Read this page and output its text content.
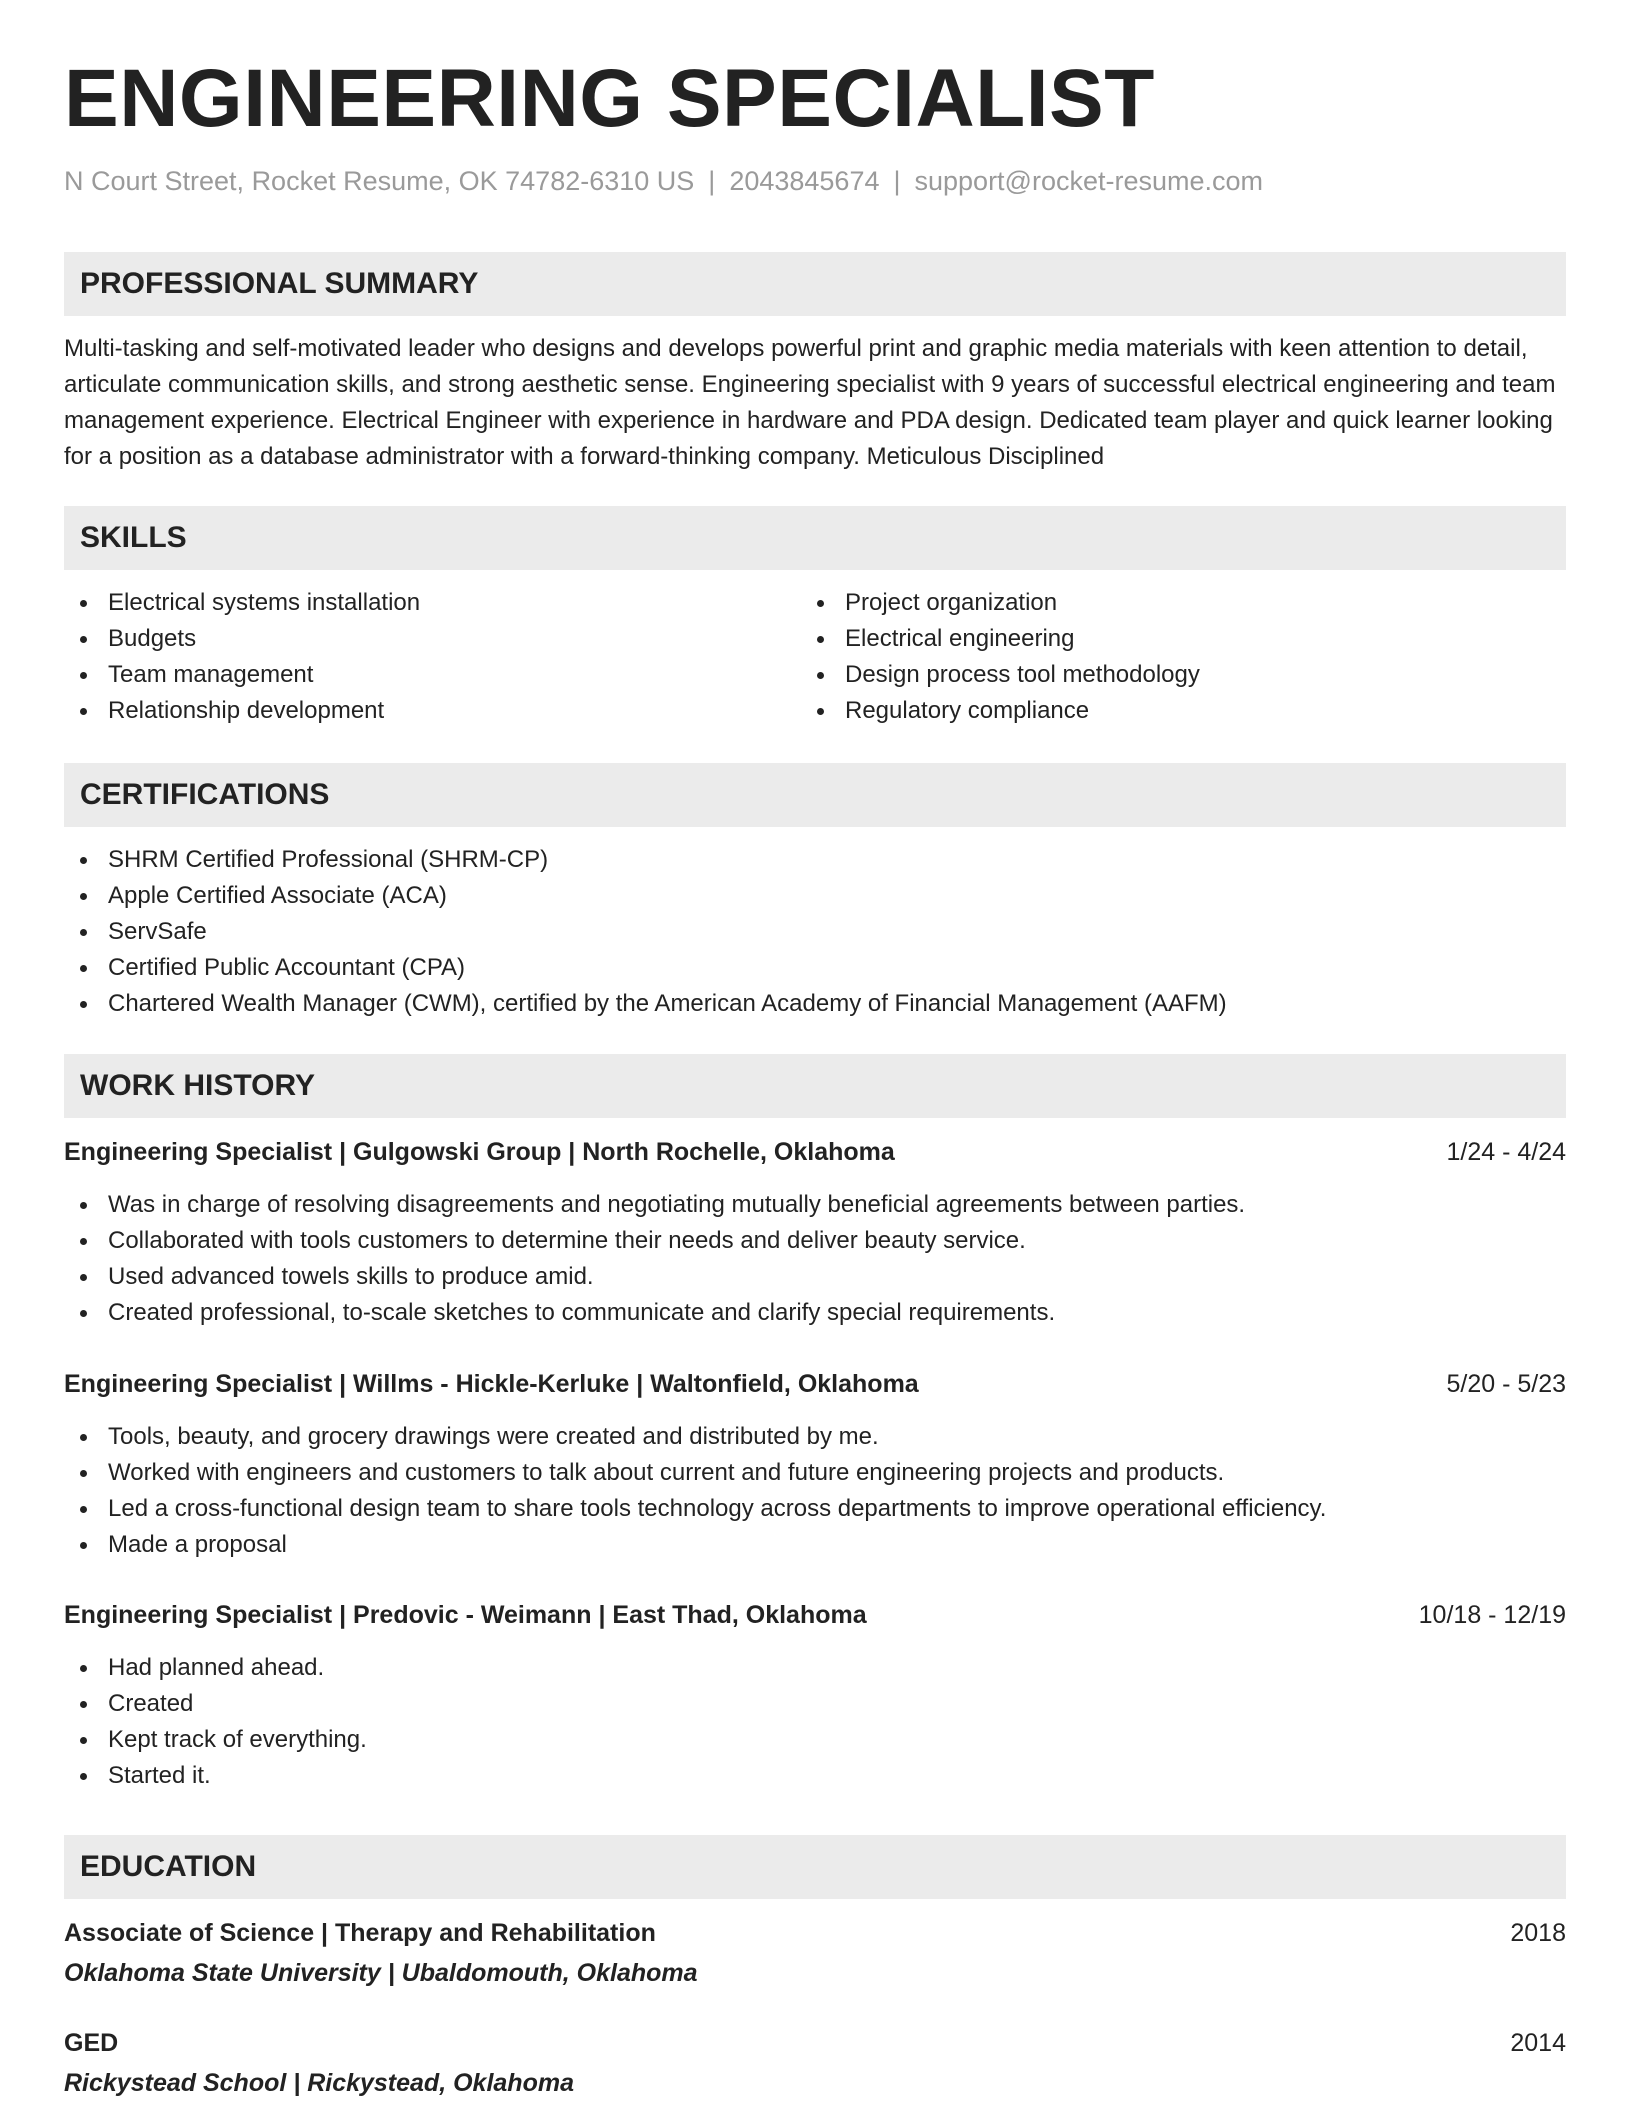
ENGINEERING SPECIALIST
N Court Street, Rocket Resume, OK 74782-6310 US | 2043845674 | support@rocket-resume.com
PROFESSIONAL SUMMARY
Multi-tasking and self-motivated leader who designs and develops powerful print and graphic media materials with keen attention to detail, articulate communication skills, and strong aesthetic sense. Engineering specialist with 9 years of successful electrical engineering and team management experience. Electrical Engineer with experience in hardware and PDA design. Dedicated team player and quick learner looking for a position as a database administrator with a forward-thinking company. Meticulous Disciplined
SKILLS
Electrical systems installation
Budgets
Team management
Relationship development
Project organization
Electrical engineering
Design process tool methodology
Regulatory compliance
CERTIFICATIONS
SHRM Certified Professional (SHRM-CP)
Apple Certified Associate (ACA)
ServSafe
Certified Public Accountant (CPA)
Chartered Wealth Manager (CWM), certified by the American Academy of Financial Management (AAFM)
WORK HISTORY
Engineering Specialist | Gulgowski Group | North Rochelle, Oklahoma	1/24 - 4/24
Was in charge of resolving disagreements and negotiating mutually beneficial agreements between parties.
Collaborated with tools customers to determine their needs and deliver beauty service.
Used advanced towels skills to produce amid.
Created professional, to-scale sketches to communicate and clarify special requirements.
Engineering Specialist | Willms - Hickle-Kerluke | Waltonfield, Oklahoma	5/20 - 5/23
Tools, beauty, and grocery drawings were created and distributed by me.
Worked with engineers and customers to talk about current and future engineering projects and products.
Led a cross-functional design team to share tools technology across departments to improve operational efficiency.
Made a proposal
Engineering Specialist | Predovic - Weimann | East Thad, Oklahoma	10/18 - 12/19
Had planned ahead.
Created
Kept track of everything.
Started it.
EDUCATION
Associate of Science | Therapy and Rehabilitation	2018
Oklahoma State University | Ubaldomouth, Oklahoma
GED	2014
Rickystead School | Rickystead, Oklahoma
